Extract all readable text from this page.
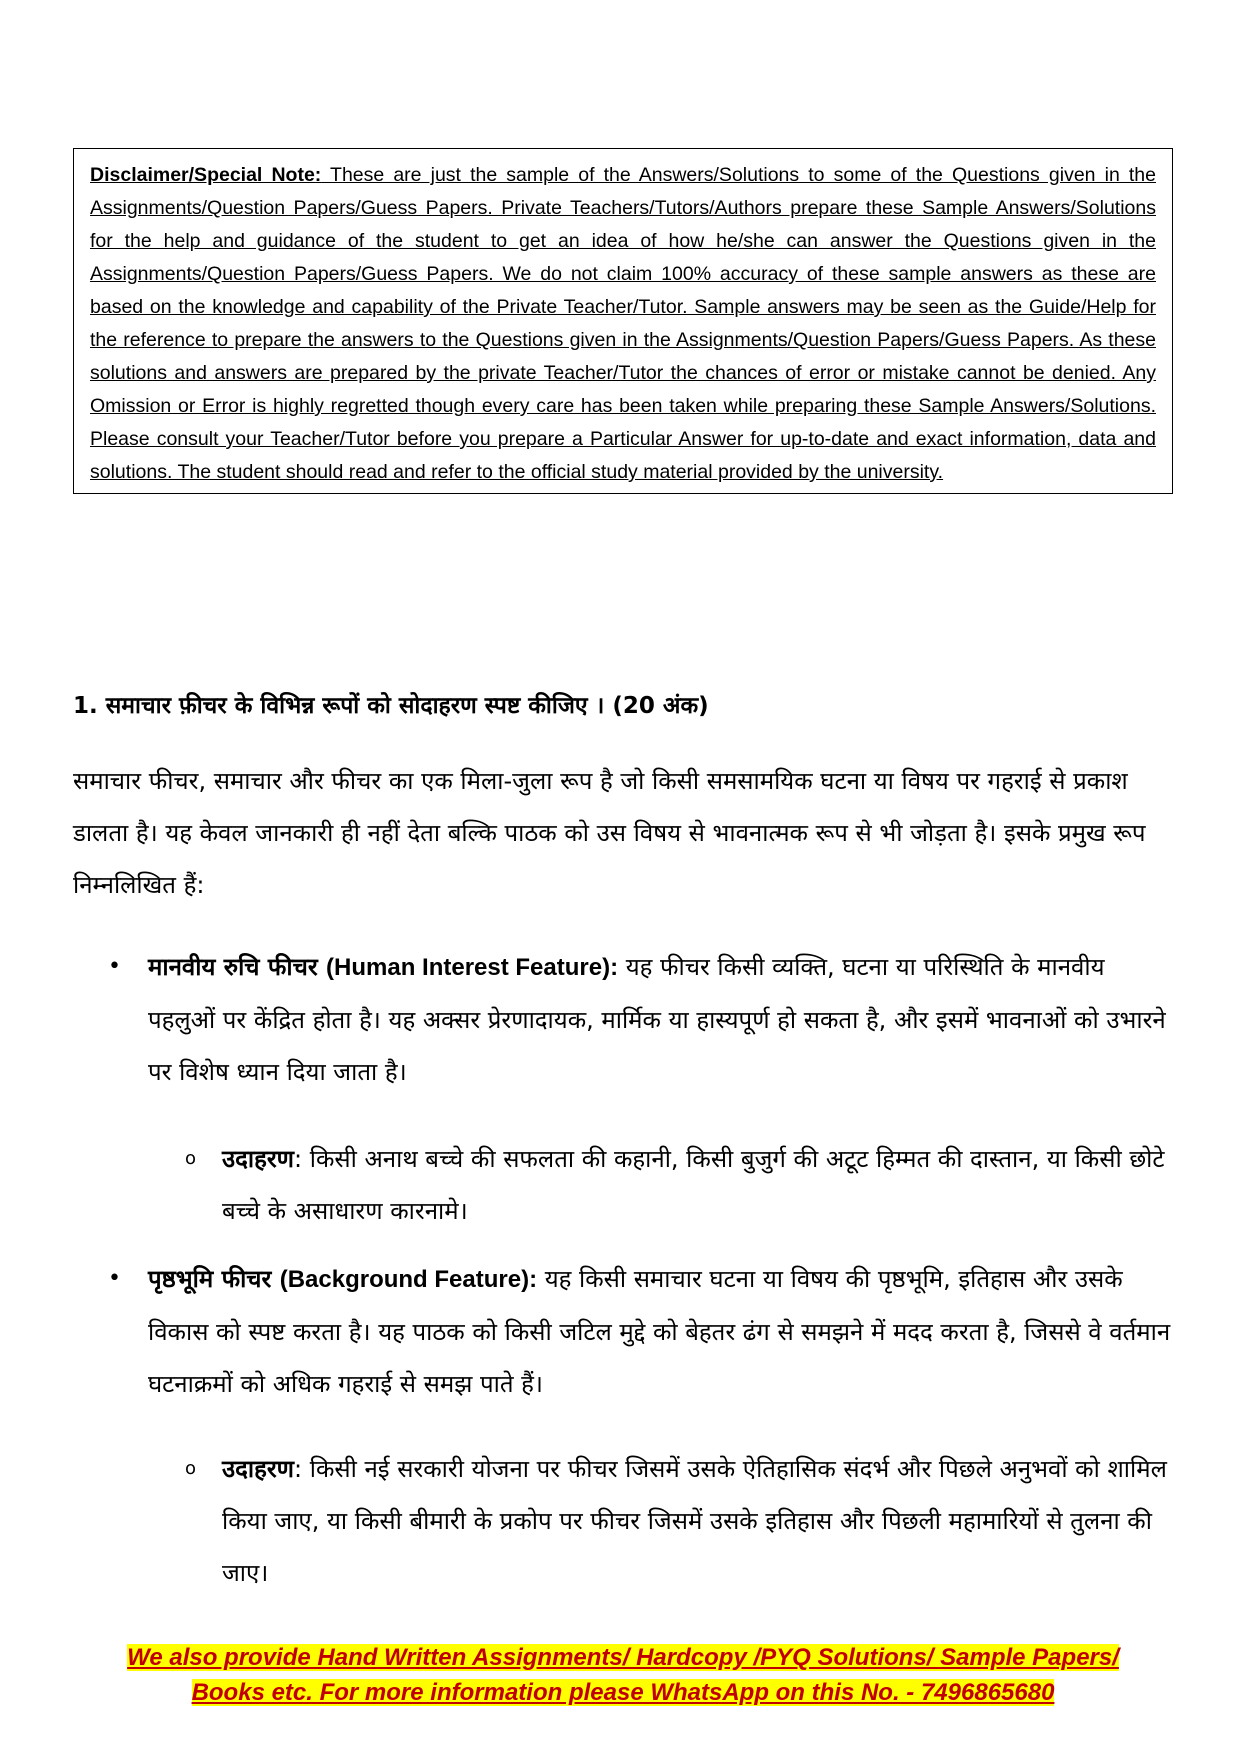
Disclaimer/Special Note: These are just the sample of the Answers/Solutions to some of the Questions given in the Assignments/Question Papers/Guess Papers. Private Teachers/Tutors/Authors prepare these Sample Answers/Solutions for the help and guidance of the student to get an idea of how he/she can answer the Questions given in the Assignments/Question Papers/Guess Papers. We do not claim 100% accuracy of these sample answers as these are based on the knowledge and capability of the Private Teacher/Tutor. Sample answers may be seen as the Guide/Help for the reference to prepare the answers to the Questions given in the Assignments/Question Papers/Guess Papers. As these solutions and answers are prepared by the private Teacher/Tutor the chances of error or mistake cannot be denied. Any Omission or Error is highly regretted though every care has been taken while preparing these Sample Answers/Solutions. Please consult your Teacher/Tutor before you prepare a Particular Answer for up-to-date and exact information, data and solutions. The student should read and refer to the official study material provided by the university.
1. समाचार फ़ीचर के विभिन्न रूपों को सोदाहरण स्पष्ट कीजिए । (20 अंक)
समाचार फीचर, समाचार और फीचर का एक मिला-जुला रूप है जो किसी समसामयिक घटना या विषय पर गहराई से प्रकाश डालता है। यह केवल जानकारी ही नहीं देता बल्कि पाठक को उस विषय से भावनात्मक रूप से भी जोड़ता है। इसके प्रमुख रूप निम्नलिखित हैं:
• मानवीय रुचि फीचर (Human Interest Feature): यह फीचर किसी व्यक्ति, घटना या परिस्थिति के मानवीय पहलुओं पर केंद्रित होता है। यह अक्सर प्रेरणादायक, मार्मिक या हास्यपूर्ण हो सकता है, और इसमें भावनाओं को उभारने पर विशेष ध्यान दिया जाता है।
o उदाहरण: किसी अनाथ बच्चे की सफलता की कहानी, किसी बुजुर्ग की अटूट हिम्मत की दास्तान, या किसी छोटे बच्चे के असाधारण कारनामे।
• पृष्ठभूमि फीचर (Background Feature): यह किसी समाचार घटना या विषय की पृष्ठभूमि, इतिहास और उसके विकास को स्पष्ट करता है। यह पाठक को किसी जटिल मुद्दे को बेहतर ढंग से समझने में मदद करता है, जिससे वे वर्तमान घटनाक्रमों को अधिक गहराई से समझ पाते हैं।
o उदाहरण: किसी नई सरकारी योजना पर फीचर जिसमें उसके ऐतिहासिक संदर्भ और पिछले अनुभवों को शामिल किया जाए, या किसी बीमारी के प्रकोप पर फीचर जिसमें उसके इतिहास और पिछली महामारियों से तुलना की जाए।
We also provide Hand Written Assignments/ Hardcopy /PYQ Solutions/ Sample Papers/
Books etc. For more information please WhatsApp on this No. - 7496865680
